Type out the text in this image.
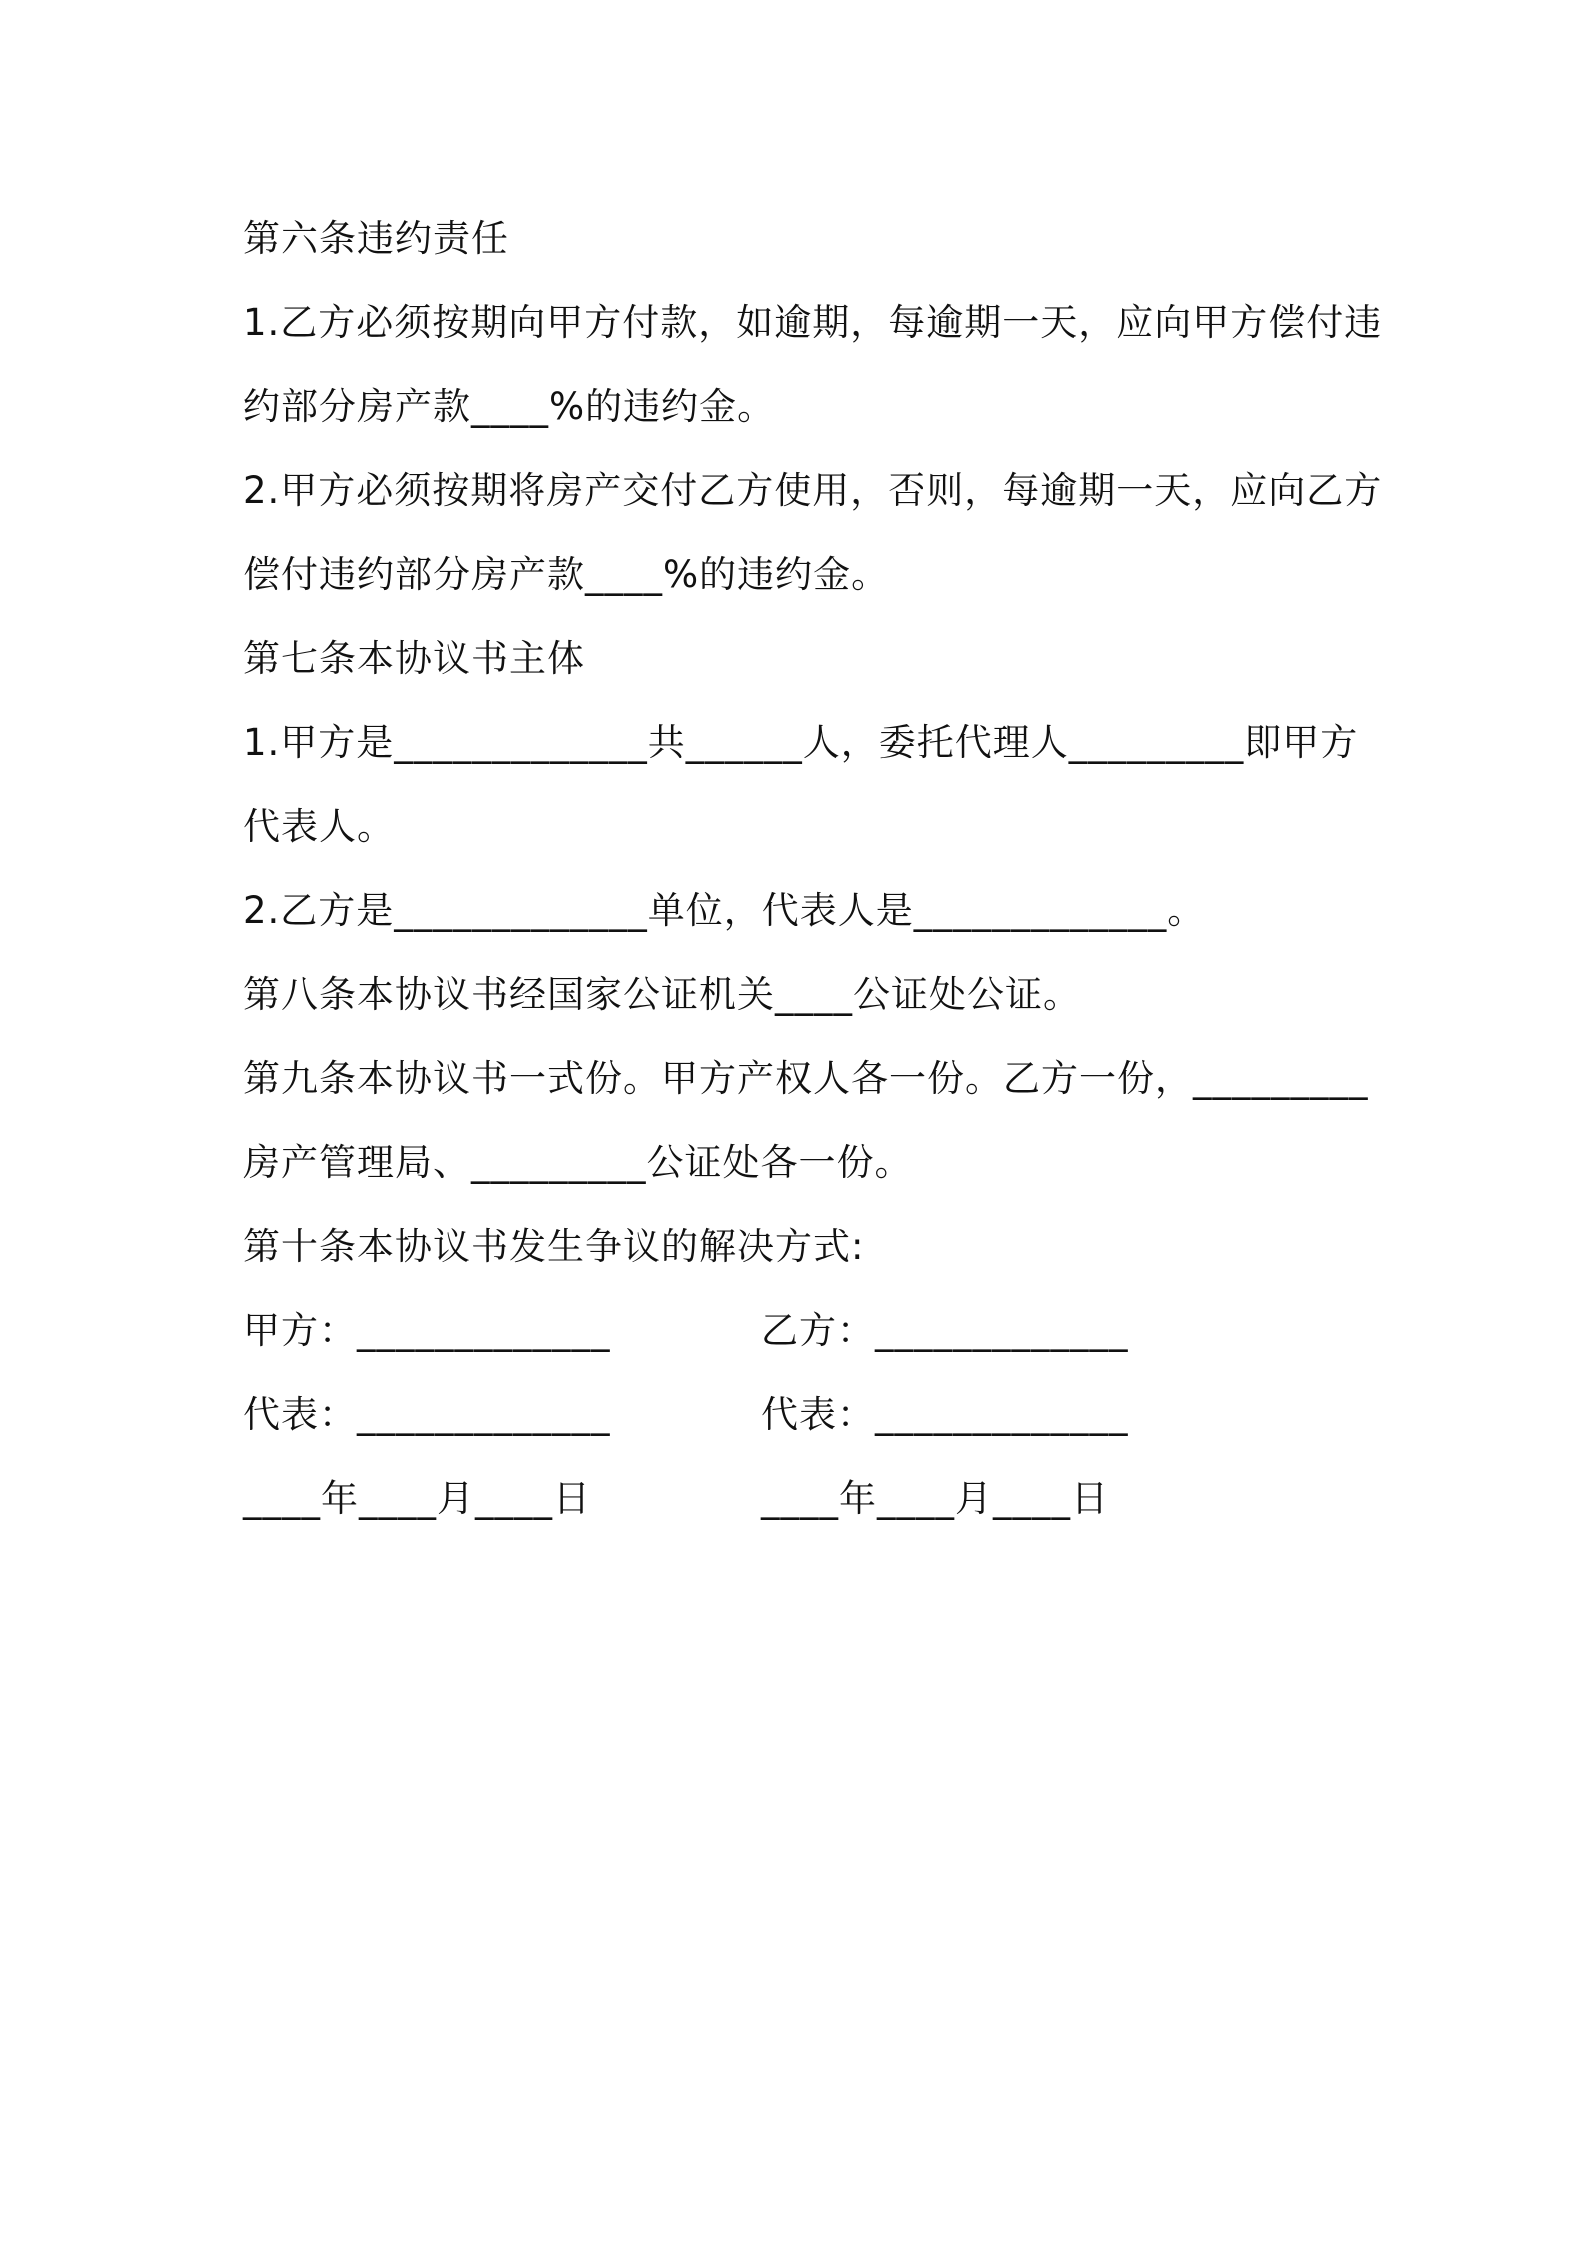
第六条违约责任
1.乙方必须按期向甲方付款，如逾期，每逾期一天，应向甲方偿付违
约部分房产款____%的违约金。
2.甲方必须按期将房产交付乙方使用，否则，每逾期一天，应向乙方
偿付违约部分房产款____%的违约金。
第七条本协议书主体
1.甲方是_____________共______人，委托代理人_________即甲方
代表人。
2.乙方是_____________单位，代表人是_____________。
第八条本协议书经国家公证机关____公证处公证。
第九条本协议书一式份。甲方产权人各一份。乙方一份，_________
房产管理局、_________公证处各一份。
第十条本协议书发生争议的解决方式:
甲方：_____________	乙方：_____________
代表：_____________	代表：_____________
____年____月____日	____年____月____日
